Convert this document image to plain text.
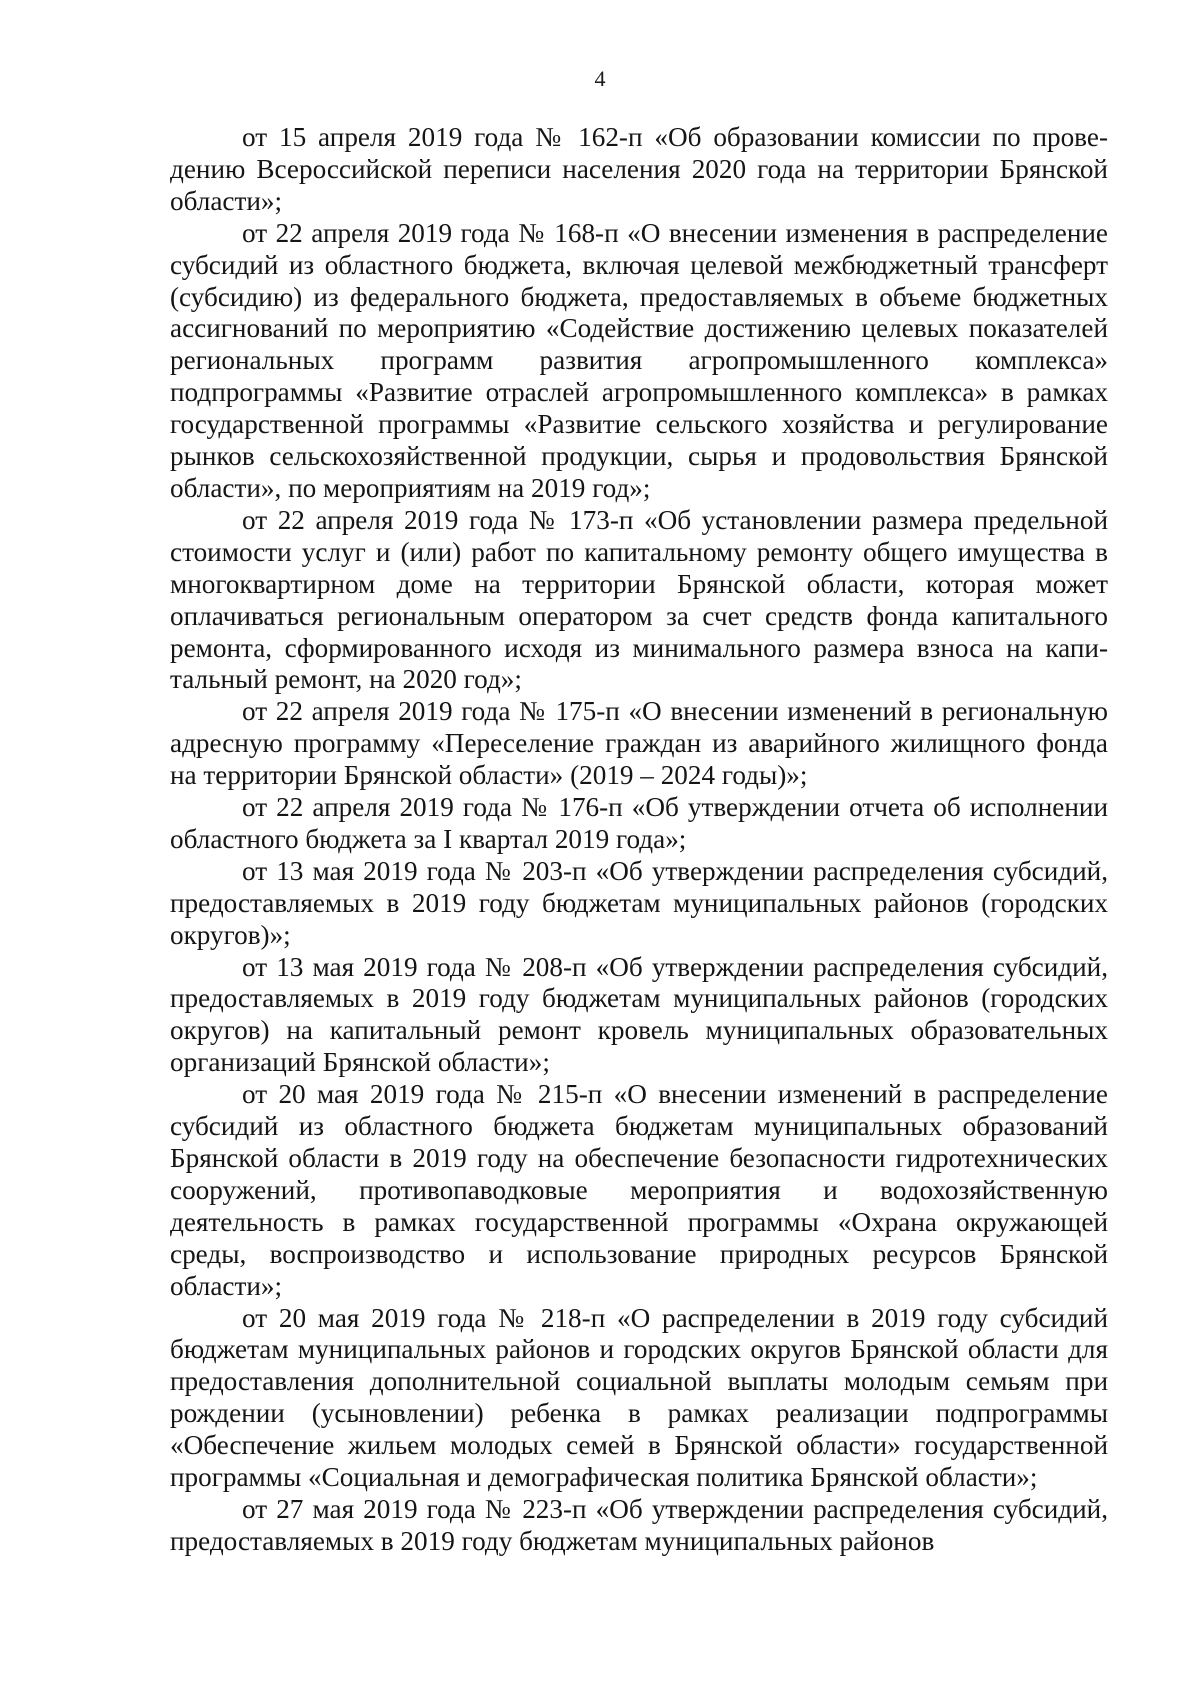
4

от 15 апреля 2019 года № 162-п «Об образовании комиссии по проведению Всероссийской переписи населения 2020 года на территории Брянской области»;

от 22 апреля 2019 года № 168-п «О внесении изменения в распределение субсидий из областного бюджета, включая целевой межбюджетный трансферт (субсидию) из федерального бюджета, предоставляемых в объеме бюджетных ассигнований по мероприятию «Содействие достижению целевых показателей региональных программ развития агропромышленного комплекса» подпрограммы «Развитие отраслей агропромышленного комплекса» в рамках государственной программы «Развитие сельского хозяйства и регулирование рынков сельскохозяйственной продукции, сырья и продовольствия Брянской области», по мероприятиям на 2019 год»;

от 22 апреля 2019 года № 173-п «Об установлении размера предельной стоимости услуг и (или) работ по капитальному ремонту общего имущества в многоквартирном доме на территории Брянской области, которая может оплачиваться региональным оператором за счет средств фонда капитального ремонта, сформированного исходя из минимального размера взноса на капитальный ремонт, на 2020 год»;

от 22 апреля 2019 года № 175-п «О внесении изменений в региональную адресную программу «Переселение граждан из аварийного жилищного фонда на территории Брянской области» (2019 – 2024 годы)»;

от 22 апреля 2019 года № 176-п «Об утверждении отчета об исполнении областного бюджета за I квартал 2019 года»;

от 13 мая 2019 года № 203-п «Об утверждении распределения субсидий, предоставляемых в 2019 году бюджетам муниципальных районов (городских округов)»;

от 13 мая 2019 года № 208-п «Об утверждении распределения субсидий, предоставляемых в 2019 году бюджетам муниципальных районов (городских округов) на капитальный ремонт кровель муниципальных образовательных организаций Брянской области»;

от 20 мая 2019 года № 215-п «О внесении изменений в распределение субсидий из областного бюджета бюджетам муниципальных образований Брянской области в 2019 году на обеспечение безопасности гидротехнических сооружений, противопаводковые мероприятия и водохозяйственную деятельность в рамках государственной программы «Охрана окружающей среды, воспроизводство и использование природных ресурсов Брянской области»;

от 20 мая 2019 года № 218-п «О распределении в 2019 году субсидий бюджетам муниципальных районов и городских округов Брянской области для предоставления дополнительной социальной выплаты молодым семьям при рождении (усыновлении) ребенка в рамках реализации подпрограммы «Обеспечение жильем молодых семей в Брянской области» государственной программы «Социальная и демографическая политика Брянской области»;

от 27 мая 2019 года № 223-п «Об утверждении распределения субсидий, предоставляемых в 2019 году бюджетам муниципальных районов
